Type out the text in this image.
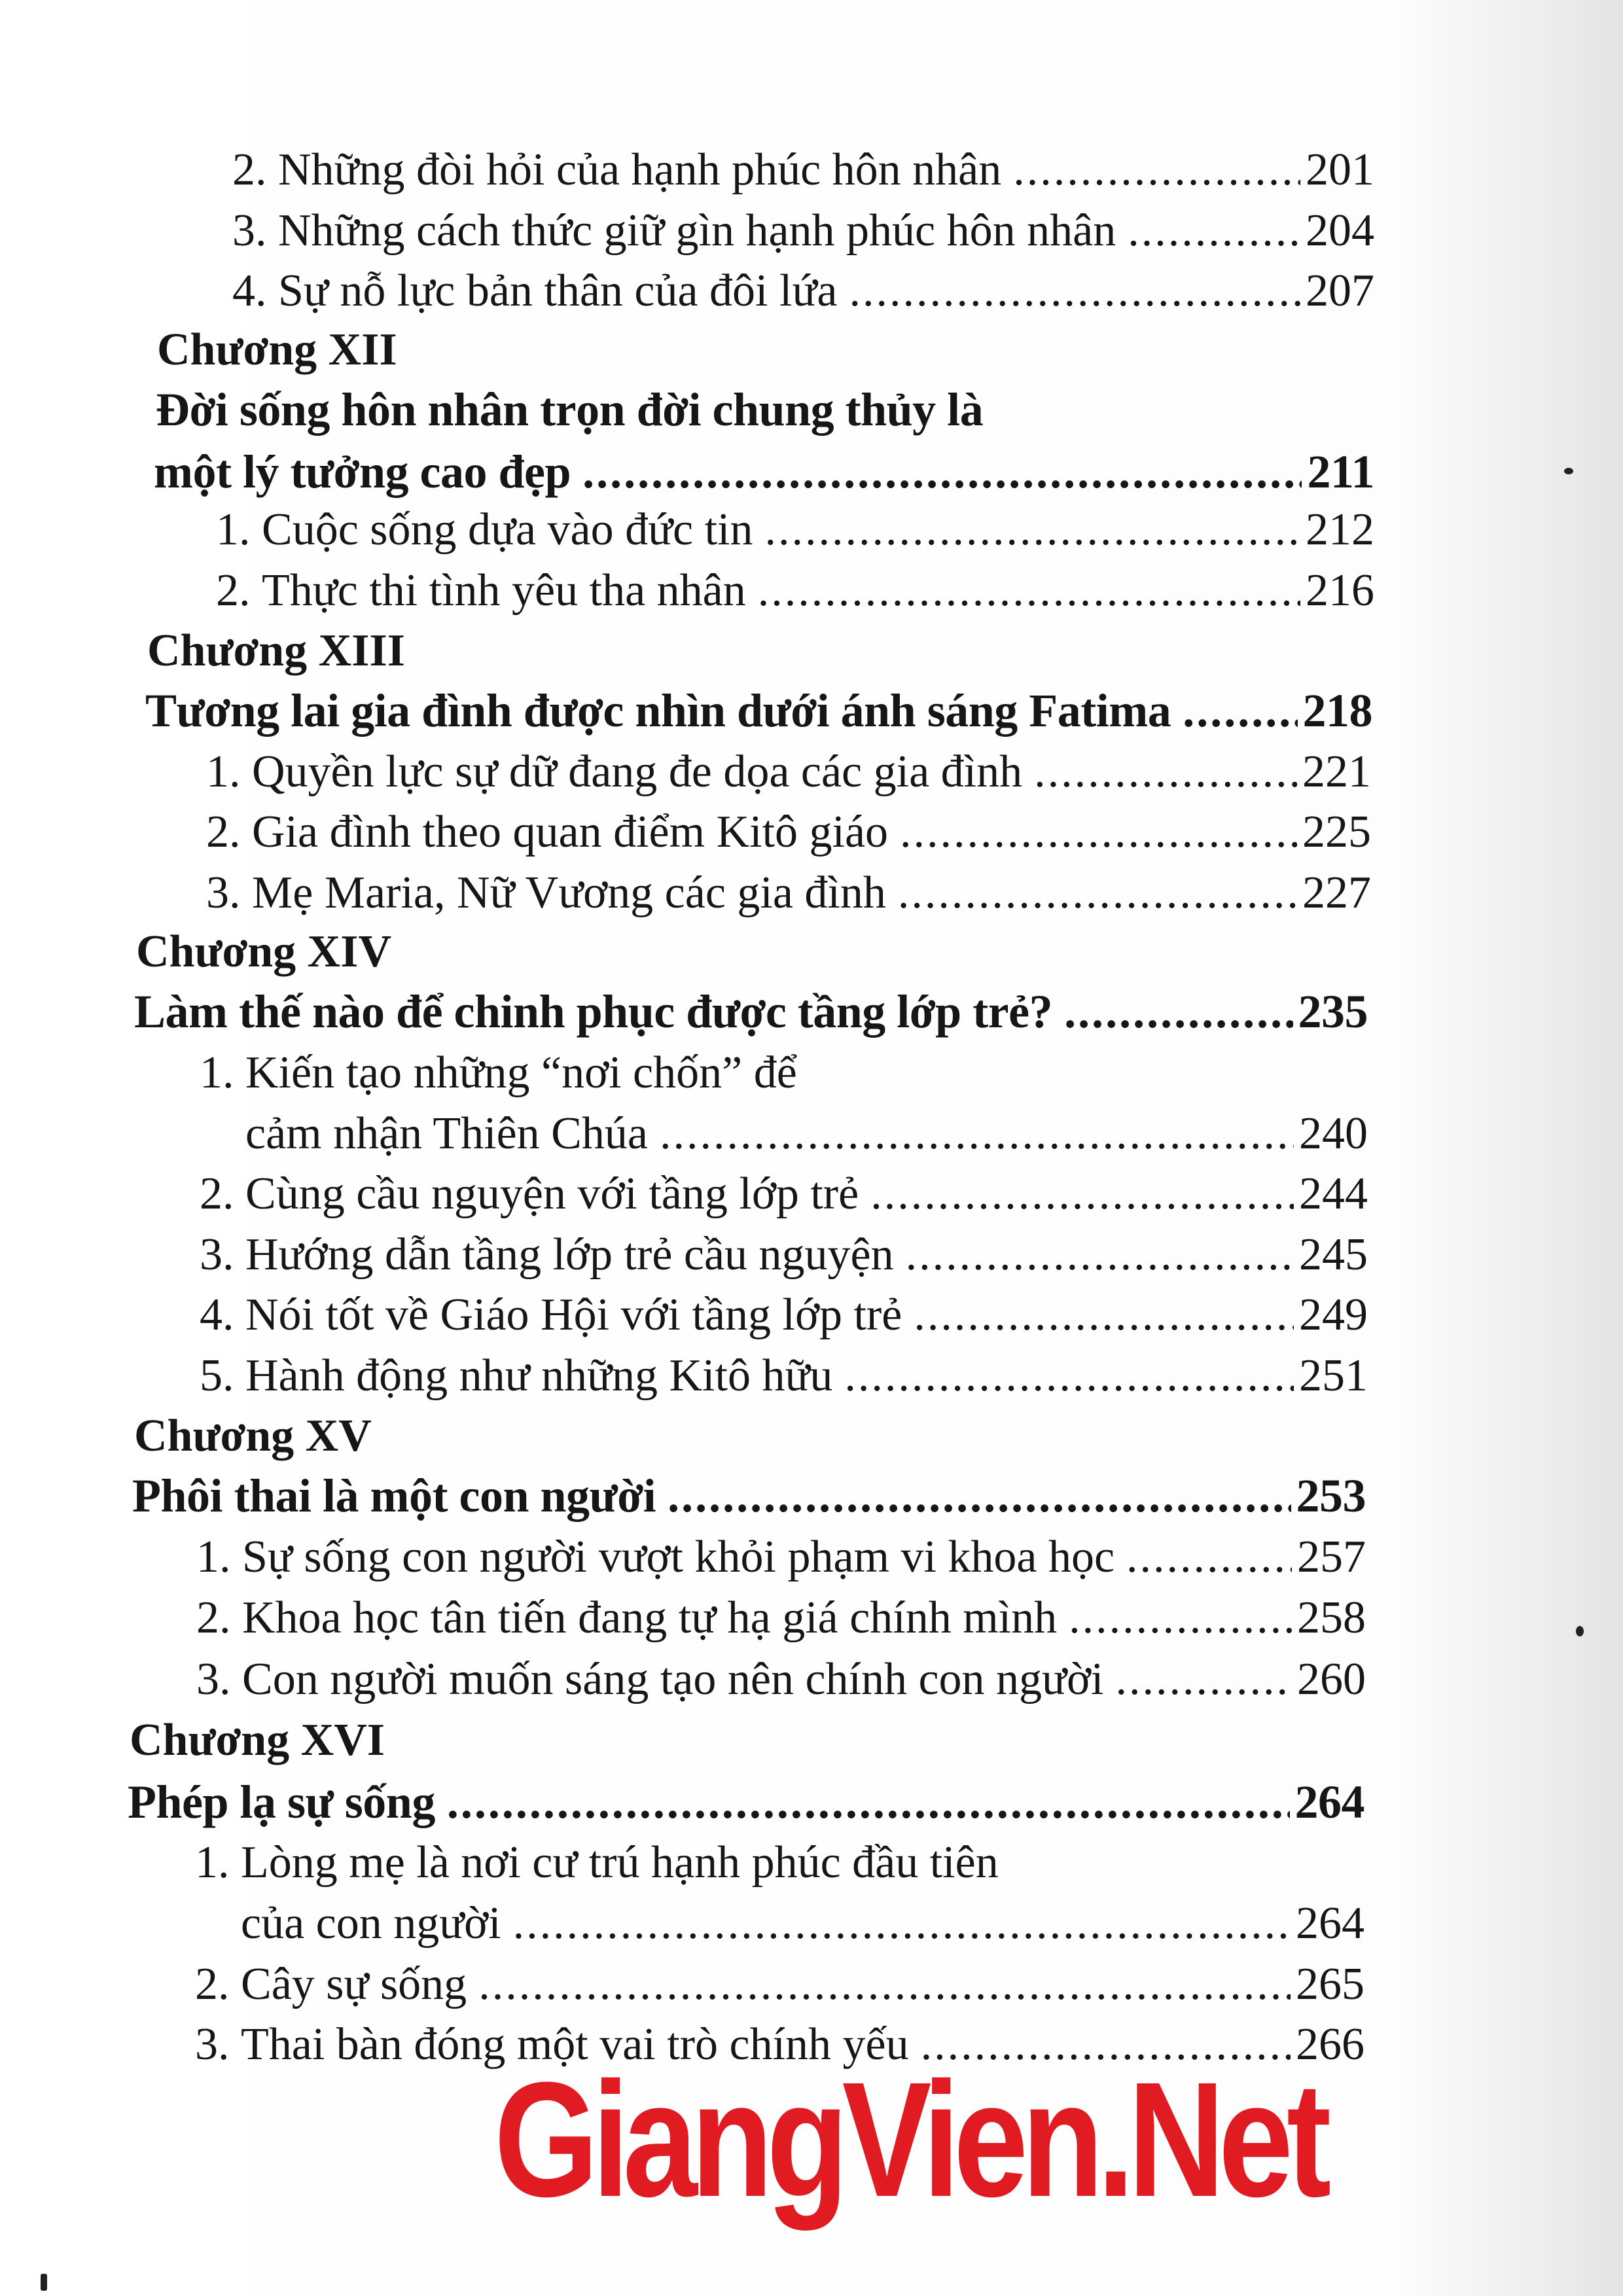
2. Những đòi hỏi của hạnh phúc hôn nhân .....	201
3. Những cách thức giữ gìn hạnh phúc hôn nhân .....	204
4. Sự nỗ lực bản thân của đôi lứa .....	207
Chương XII
Đời sống hôn nhân trọn đời chung thủy là
một lý tưởng cao đẹp .....	211
1. Cuộc sống dựa vào đức tin .....	212
2. Thực thi tình yêu tha nhân .....	216
Chương XIII
Tương lai gia đình được nhìn dưới ánh sáng Fatima .....	218
1. Quyền lực sự dữ đang đe dọa các gia đình .....	221
2. Gia đình theo quan điểm Kitô giáo .....	225
3. Mẹ Maria, Nữ Vương các gia đình .....	227
Chương XIV
Làm thế nào để chinh phục được tầng lớp trẻ? .....	235
1. Kiến tạo những “nơi chốn” để
cảm nhận Thiên Chúa .....	240
2. Cùng cầu nguyện với tầng lớp trẻ .....	244
3. Hướng dẫn tầng lớp trẻ cầu nguyện .....	245
4. Nói tốt về Giáo Hội với tầng lớp trẻ .....	249
5. Hành động như những Kitô hữu .....	251
Chương XV
Phôi thai là một con người .....	253
1. Sự sống con người vượt khỏi phạm vi khoa học .....	257
2. Khoa học tân tiến đang tự hạ giá chính mình .....	258
3. Con người muốn sáng tạo nên chính con người .....	260
Chương XVI
Phép lạ sự sống .....	264
1. Lòng mẹ là nơi cư trú hạnh phúc đầu tiên
của con người .....	264
2. Cây sự sống .....	265
3. Thai bàn đóng một vai trò chính yếu .....	266
GiangVien.Net
